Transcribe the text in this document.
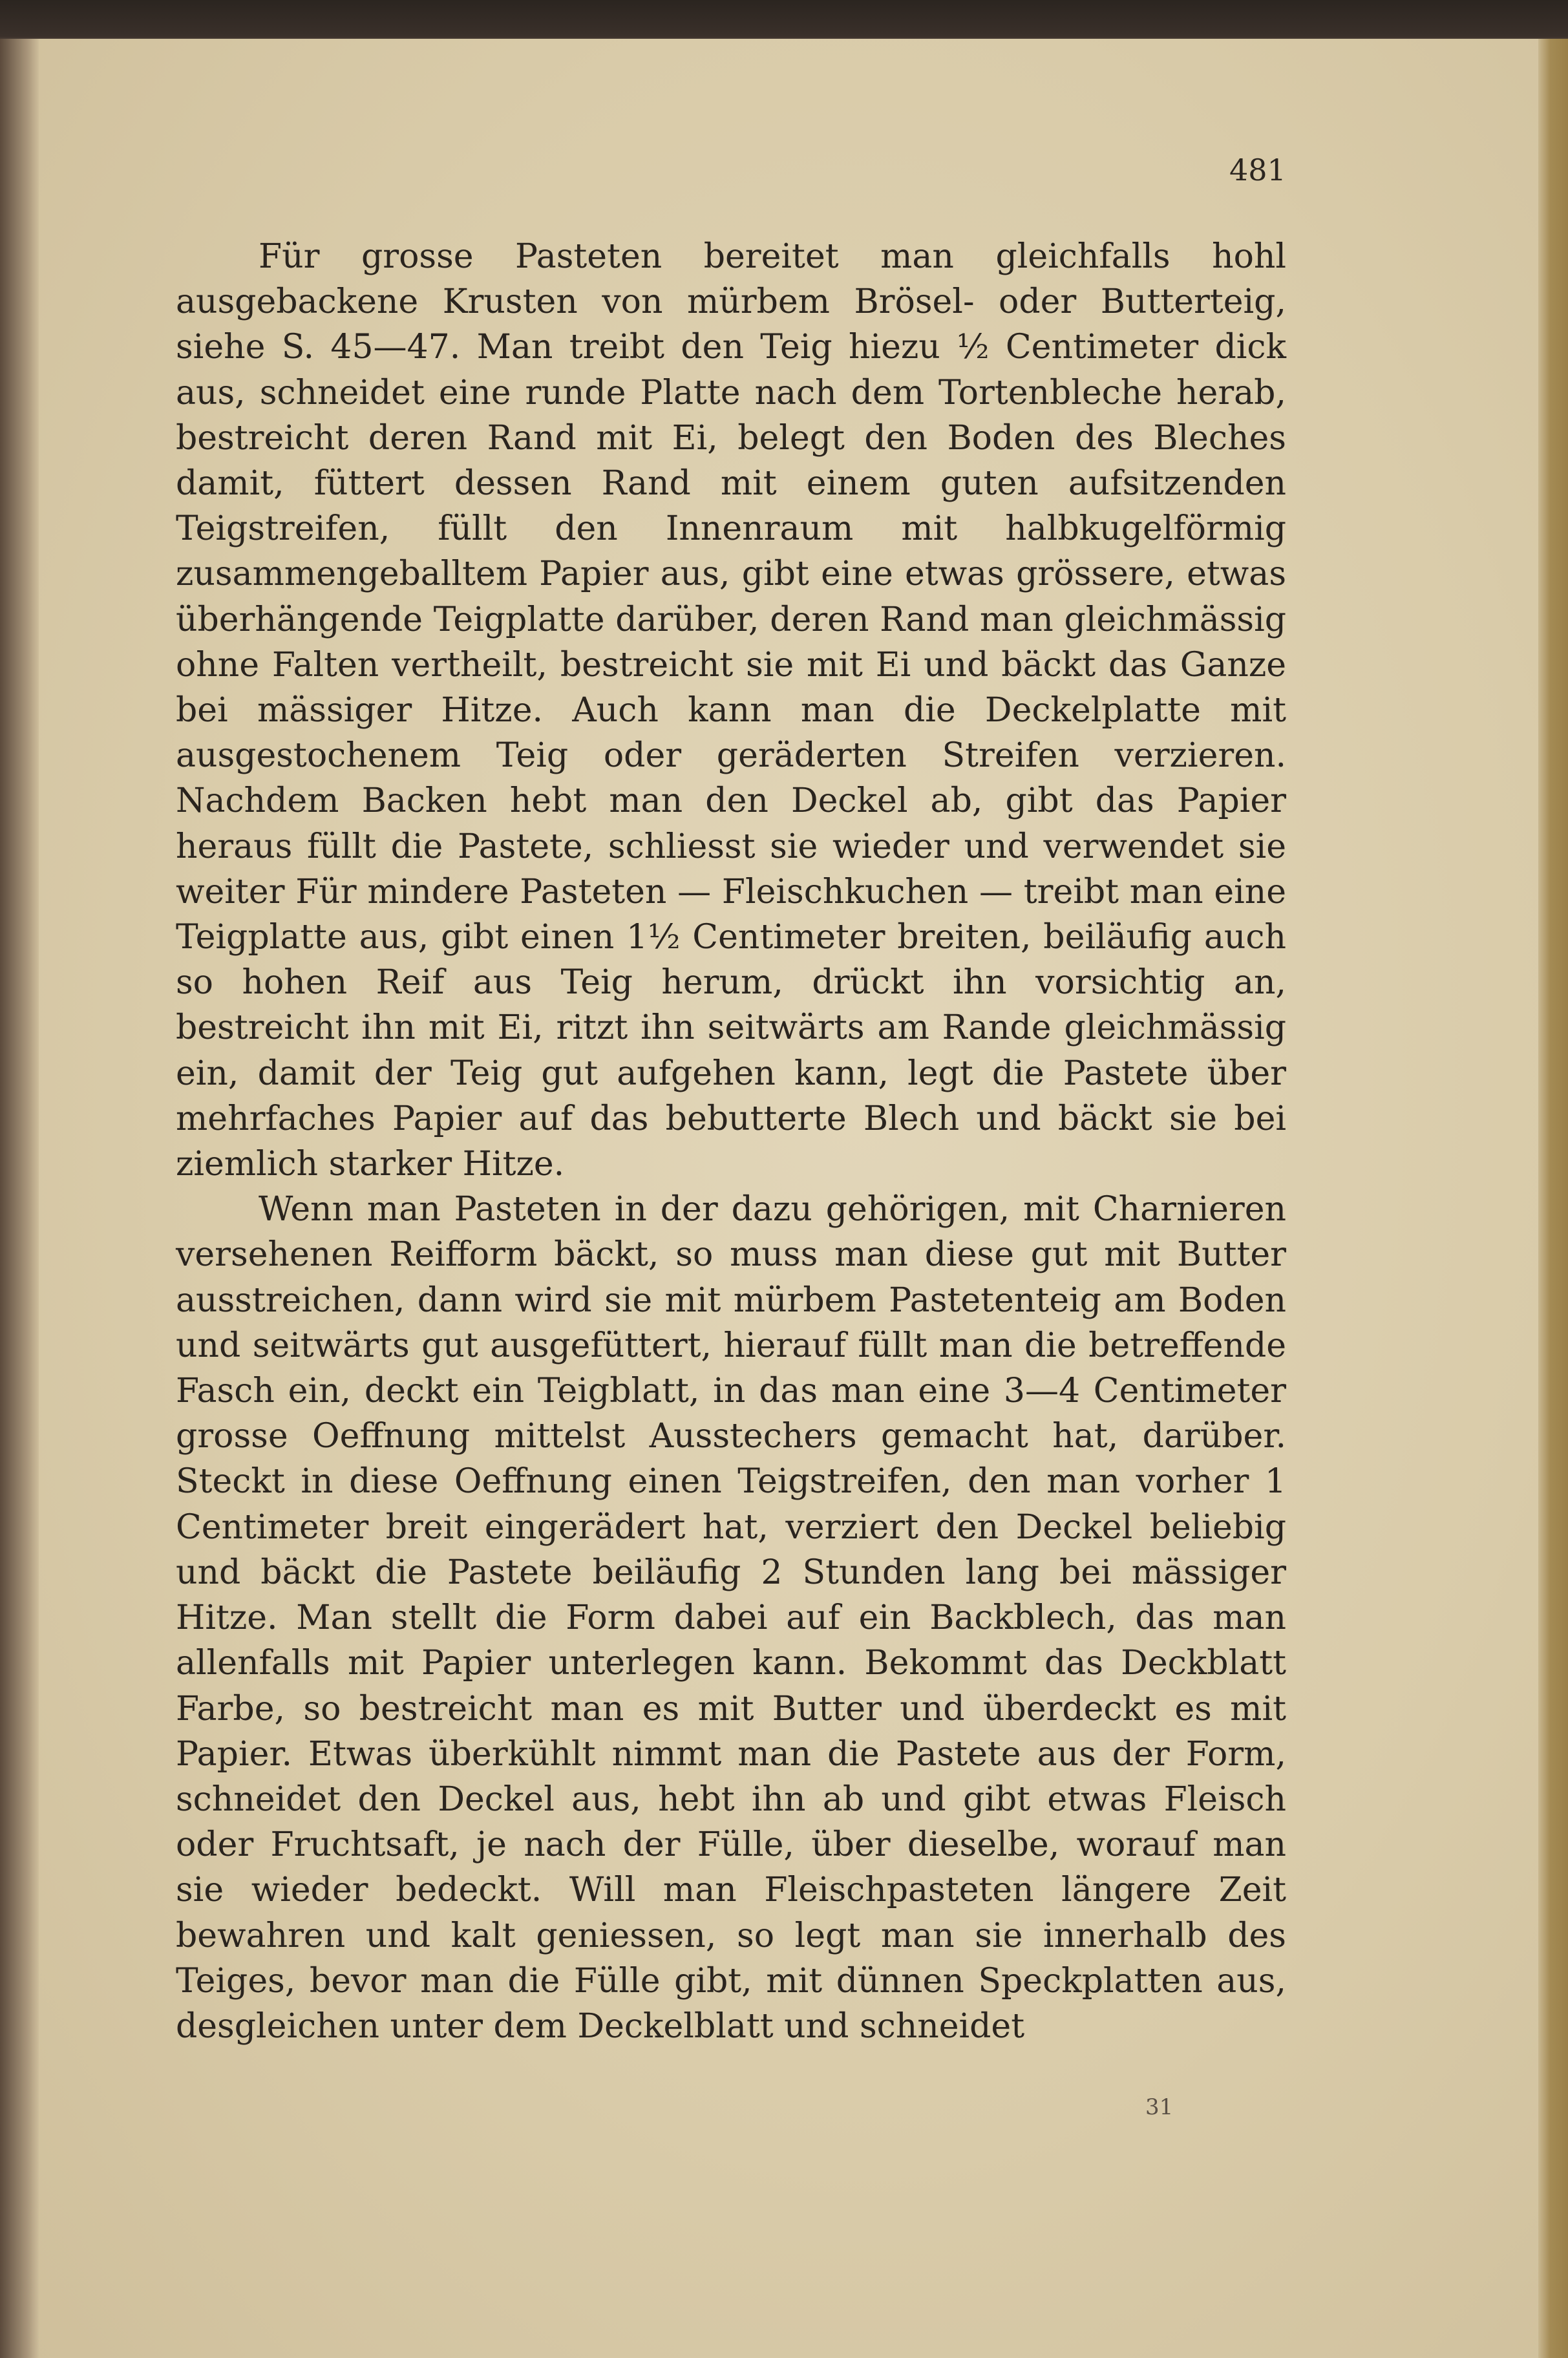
481

Für grosse Pasteten bereitet man gleichfalls hohl ausgebackene Krusten von mürbem Brösel- oder Butterteig, siehe S. 45—47. Man treibt den Teig hiezu ½ Centimeter dick aus, schneidet eine runde Platte nach dem Tortenbleche herab, bestreicht deren Rand mit Ei, belegt den Boden des Bleches damit, füttert dessen Rand mit einem guten aufsitzenden Teigstreifen, füllt den Innenraum mit halbkugelförmig zusammengeballtem Papier aus, gibt eine etwas grössere, etwas überhängende Teigplatte darüber, deren Rand man gleichmässig ohne Falten vertheilt, bestreicht sie mit Ei und bäckt das Ganze bei mässiger Hitze. Auch kann man die Deckelplatte mit ausgestochenem Teig oder geräderten Streifen verzieren. Nachdem Backen hebt man den Deckel ab, gibt das Papier heraus füllt die Pastete, schliesst sie wieder und verwendet sie weiter Für mindere Pasteten — Fleischkuchen — treibt man eine Teigplatte aus, gibt einen 1½ Centimeter breiten, beiläufig auch so hohen Reif aus Teig herum, drückt ihn vorsichtig an, bestreicht ihn mit Ei, ritzt ihn seitwärts am Rande gleichmässig ein, damit der Teig gut aufgehen kann, legt die Pastete über mehrfaches Papier auf das bebutterte Blech und bäckt sie bei ziemlich starker Hitze.

Wenn man Pasteten in der dazu gehörigen, mit Charnieren versehenen Reifform bäckt, so muss man diese gut mit Butter ausstreichen, dann wird sie mit mürbem Pastetenteig am Boden und seitwärts gut ausgefüttert, hierauf füllt man die betreffende Fasch ein, deckt ein Teigblatt, in das man eine 3—4 Centimeter grosse Oeffnung mittelst Ausstechers gemacht hat, darüber. Steckt in diese Oeffnung einen Teigstreifen, den man vorher 1 Centimeter breit eingerädert hat, verziert den Deckel beliebig und bäckt die Pastete beiläufig 2 Stunden lang bei mässiger Hitze. Man stellt die Form dabei auf ein Backblech, das man allenfalls mit Papier unterlegen kann. Bekommt das Deckblatt Farbe, so bestreicht man es mit Butter und überdeckt es mit Papier. Etwas überkühlt nimmt man die Pastete aus der Form, schneidet den Deckel aus, hebt ihn ab und gibt etwas Fleisch oder Fruchtsaft, je nach der Fülle, über dieselbe, worauf man sie wieder bedeckt. Will man Fleischpasteten längere Zeit bewahren und kalt geniessen, so legt man sie innerhalb des Teiges, bevor man die Fülle gibt, mit dünnen Speckplatten aus, desgleichen unter dem Deckelblatt und schneidet

31
